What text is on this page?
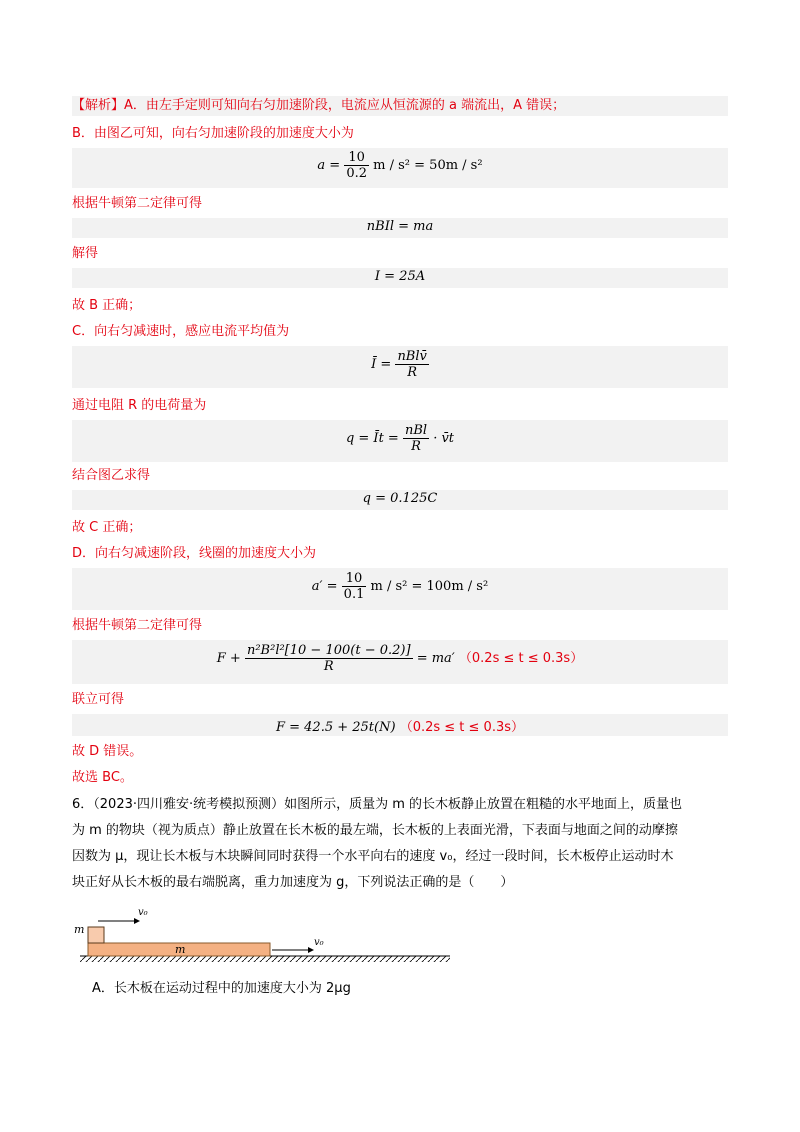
【解析】A．由左手定则可知向右匀加速阶段，电流应从恒流源的 a 端流出，A 错误；
B．由图乙可知，向右匀加速阶段的加速度大小为
$a = \frac{10}{0.2}$ m / s² = 50m / s²
根据牛顿第二定律可得
nBIl = ma
解得
I = 25A
故 B 正确；
C．向右匀减速时，感应电流平均值为
Ī = $\frac{\text{nBlv̄}}{R}$
通过电阻 R 的电荷量为
q = Īt = $\frac{\text{nBl}}{R}$ · v̄t
结合图乙求得
q = 0.125C
故 C 正确；
D．向右匀减速阶段，线圈的加速度大小为
$a' = \frac{10}{0.1}$ m / s² = 100m / s²
根据牛顿第二定律可得
$F + \frac{\text{n²B²l²[10 − 100(t − 0.2)]}}{R} = ma'$ （0.2s ≤ t ≤ 0.3s）
联立可得
F = 42.5 + 25t(N) （0.2s ≤ t ≤ 0.3s）
故 D 错误。
故选 BC。
6．（2023·四川雅安·统考模拟预测）如图所示，质量为 m 的长木板静止放置在粗糙的水平地面上，质量也
为 m 的物块（视为质点）静止放置在长木板的最左端，长木板的上表面光滑，下表面与地面之间的动摩擦
因数为 μ，现让长木板与木块瞬间同时获得一个水平向右的速度 v₀，经过一段时间，长木板停止运动时木
块正好从长木板的最右端脱离，重力加速度为 g，下列说法正确的是（　　）
m
m
v₀
v₀
A．长木板在运动过程中的加速度大小为 2μg
